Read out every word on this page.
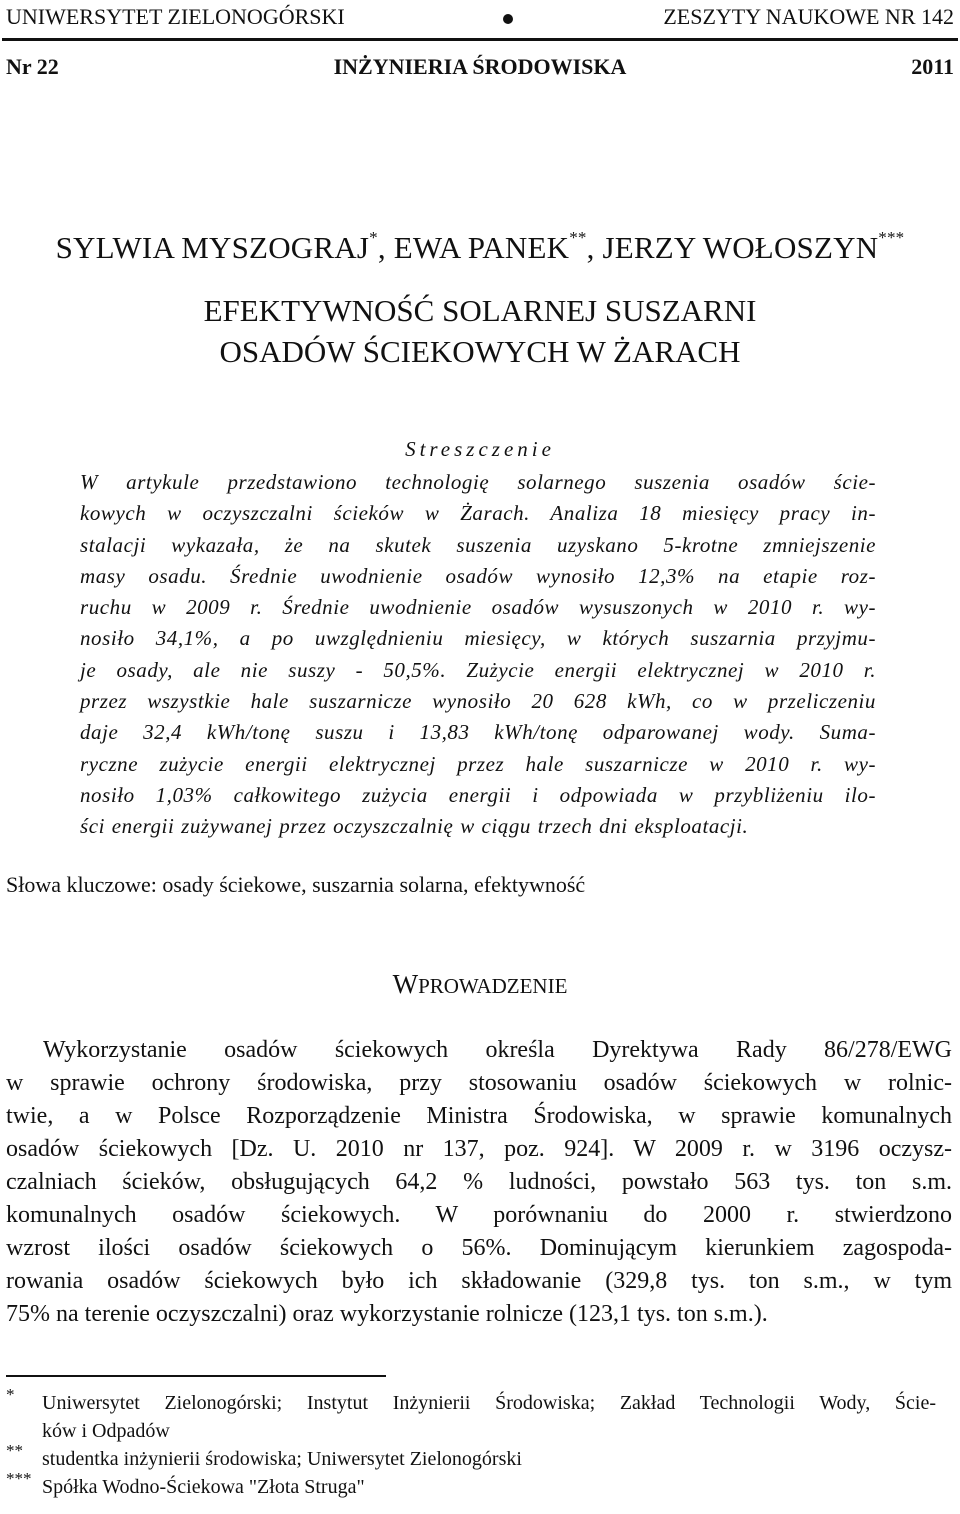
UNIWERSYTET ZIELONOGÓRSKI	ZESZYTY NAUKOWE NR 142
Nr 22	INŻYNIERIA ŚRODOWISKA	2011
SYLWIA MYSZOGRAJ*, EWA PANEK**, JERZY WOŁOSZYN***
EFEKTYWNOŚĆ SOLARNEJ SUSZARNI
OSADÓW ŚCIEKOWYCH W ŻARACH
Streszczenie
W artykule przedstawiono technologię solarnego suszenia osadów ście-
kowych w oczyszczalni ścieków w Żarach. Analiza 18 miesięcy pracy in-
stalacji wykazała, że na skutek suszenia uzyskano 5-krotne zmniejszenie
masy osadu. Średnie uwodnienie osadów wynosiło 12,3% na etapie roz-
ruchu w 2009 r. Średnie uwodnienie osadów wysuszonych w 2010 r. wy-
nosiło 34,1%, a po uwzględnieniu miesięcy, w których suszarnia przyjmu-
je osady, ale nie suszy - 50,5%. Zużycie energii elektrycznej w 2010 r.
przez wszystkie hale suszarnicze wynosiło 20 628 kWh, co w przeliczeniu
daje 32,4 kWh/tonę suszu i 13,83 kWh/tonę odparowanej wody. Suma-
ryczne zużycie energii elektrycznej przez hale suszarnicze w 2010 r. wy-
nosiło 1,03% całkowitego zużycia energii i odpowiada w przybliżeniu ilo-
ści energii zużywanej przez oczyszczalnię w ciągu trzech dni eksploatacji.
Słowa kluczowe: osady ściekowe, suszarnia solarna, efektywność
WPROWADZENIE
Wykorzystanie osadów ściekowych określa Dyrektywa Rady 86/278/EWG
w sprawie ochrony środowiska, przy stosowaniu osadów ściekowych w rolnic-
twie, a w Polsce Rozporządzenie Ministra Środowiska, w sprawie komunalnych
osadów ściekowych [Dz. U. 2010 nr 137, poz. 924]. W 2009 r. w 3196 oczysz-
czalniach ścieków, obsługujących 64,2 % ludności, powstało 563 tys. ton s.m.
komunalnych osadów ściekowych. W porównaniu do 2000 r. stwierdzono
wzrost ilości osadów ściekowych o 56%. Dominującym kierunkiem zagospoda-
rowania osadów ściekowych było ich składowanie (329,8 tys. ton s.m., w tym
75% na terenie oczyszczalni) oraz wykorzystanie rolnicze (123,1 tys. ton s.m.).
* Uniwersytet Zielonogórski; Instytut Inżynierii Środowiska; Zakład Technologii Wody, Ście-
ków i Odpadów
** studentka inżynierii środowiska; Uniwersytet Zielonogórski
*** Spółka Wodno-Ściekowa "Złota Struga"
